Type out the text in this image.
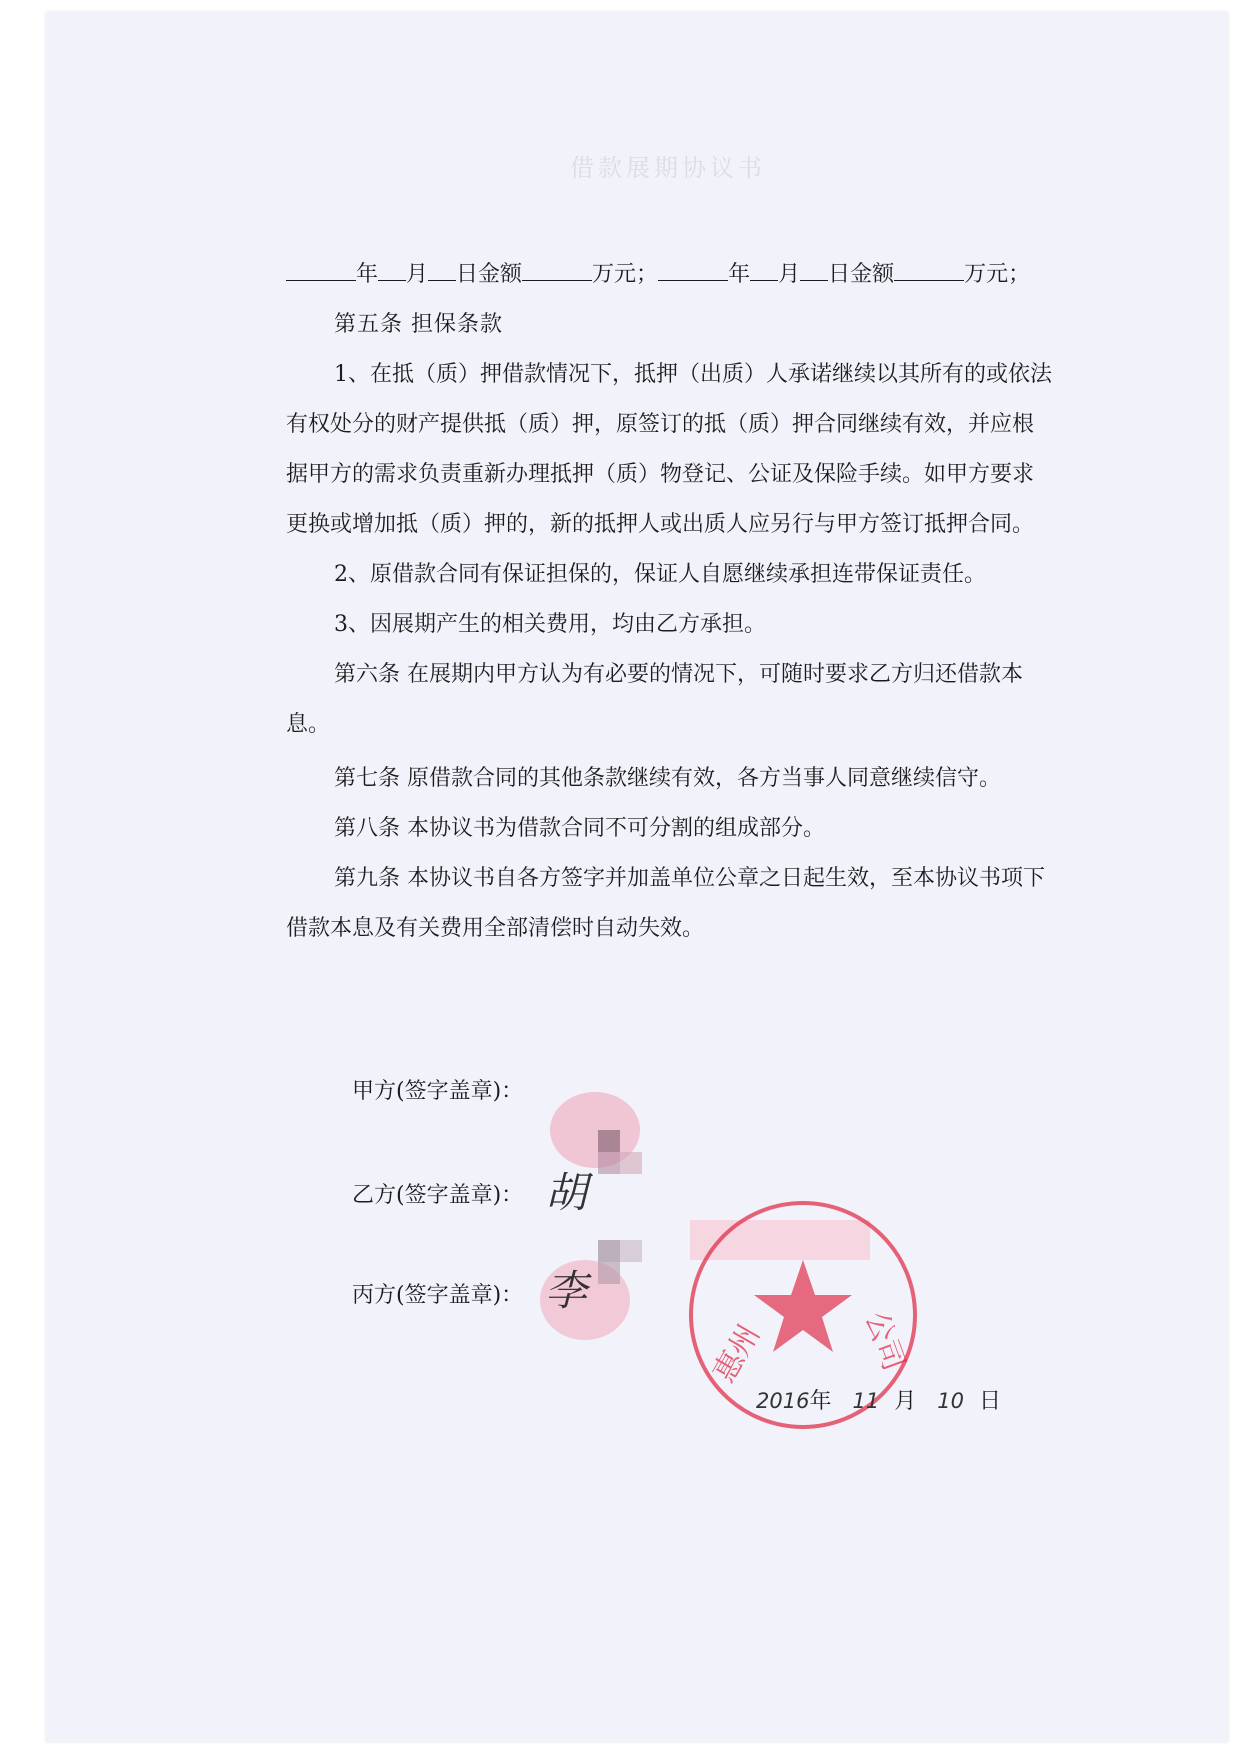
借款展期协议书
年 月 日金额	万元；	年 月 日金额	万元；
第五条 担保条款
1、在抵（质）押借款情况下，抵押（出质）人承诺继续以其所有的或依法
有权处分的财产提供抵（质）押，原签订的抵（质）押合同继续有效，并应根
据甲方的需求负责重新办理抵押（质）物登记、公证及保险手续。如甲方要求
更换或增加抵（质）押的，新的抵押人或出质人应另行与甲方签订抵押合同。
2、原借款合同有保证担保的，保证人自愿继续承担连带保证责任。
3、因展期产生的相关费用，均由乙方承担。
第六条 在展期内甲方认为有必要的情况下，可随时要求乙方归还借款本
息。
第七条 原借款合同的其他条款继续有效，各方当事人同意继续信守。
第八条 本协议书为借款合同不可分割的组成部分。
第九条 本协议书自各方签字并加盖单位公章之日起生效，至本协议书项下
借款本息及有关费用全部清偿时自动失效。
甲方(签字盖章)：
乙方(签字盖章)：
丙方(签字盖章)：
胡
李
公司
惠州
2016年 11 月 10 日
